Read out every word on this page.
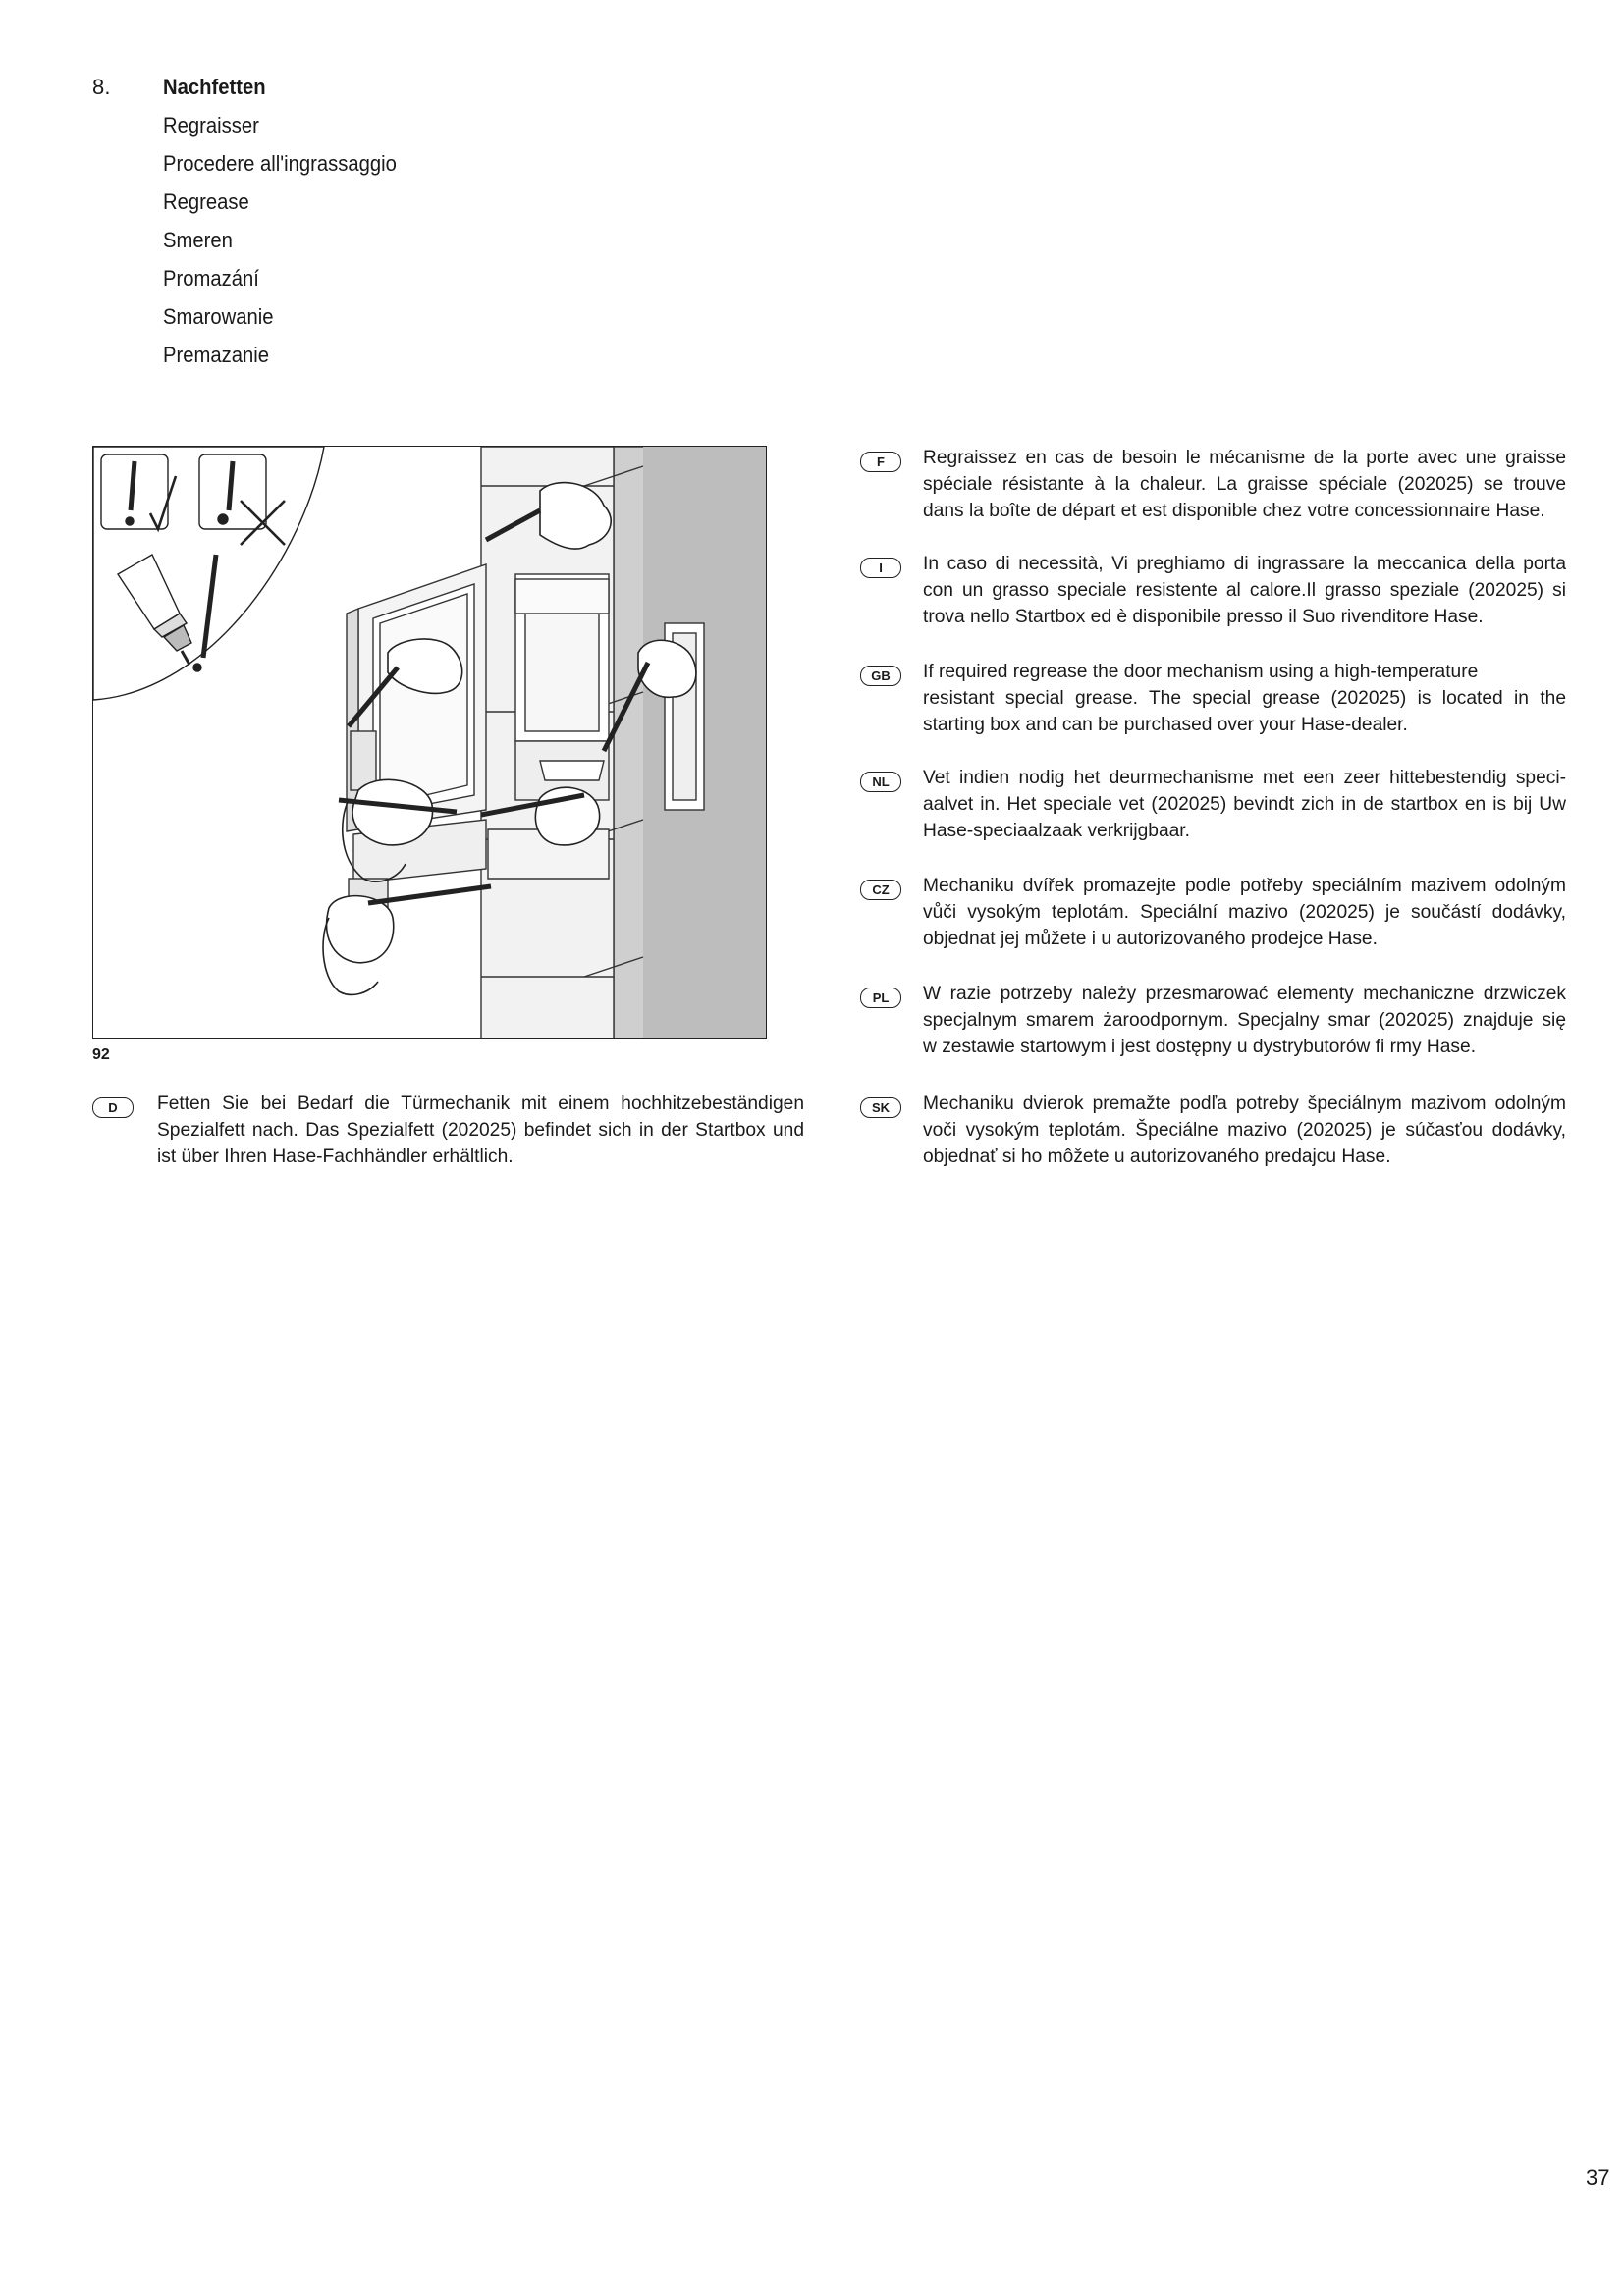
8. Nachfetten
Regraisser
Procedere all'ingrassaggio
Regrease
Smeren
Promazání
Smarowanie
Premazanie
92
D	Fetten Sie bei Bedarf die Türmechanik mit einem hochhitzebeständigen
Spezialfett nach. Das Spezialfett (202025) befindet sich in der Startbox und
ist über Ihren Hase-Fachhändler erhältlich.
F	Regraissez en cas de besoin le mécanisme de la porte avec une graisse
spéciale résistante à la chaleur. La graisse spéciale (202025) se trouve
dans la boîte de départ et est disponible chez votre concessionnaire Hase.
I	In caso di necessità, Vi preghiamo di ingrassare la meccanica della porta
con un grasso speciale resistente al calore.Il grasso speziale (202025) si
trova nello Startbox ed è disponibile presso il Suo rivenditore Hase.
GB	If required regrease the door mechanism using a high-temperature
resistant special grease. The special grease (202025) is located in the
starting box and can be purchased over your Hase-dealer.
NL	Vet indien nodig het deurmechanisme met een zeer hittebestendig speci-
aalvet in. Het speciale vet (202025) bevindt zich in de startbox en is bij Uw
Hase-speciaalzaak verkrijgbaar.
CZ	Mechaniku dvířek promazejte podle potřeby speciálním mazivem odolným
vůči vysokým teplotám. Speciální mazivo (202025) je součástí dodávky,
objednat jej můžete i u autorizovaného prodejce Hase.
PL	W razie potrzeby należy przesmarować elementy mechaniczne drzwiczek
specjalnym smarem żaroodpornym. Specjalny smar (202025) znajduje się
w zestawie startowym i jest dostępny u dystrybutorów fi rmy Hase.
SK	Mechaniku dvierok premažte podľa potreby špeciálnym mazivom odolným
voči vysokým teplotám. Špeciálne mazivo (202025) je súčasťou dodávky,
objednať si ho môžete u autorizovaného predajcu Hase.
37
